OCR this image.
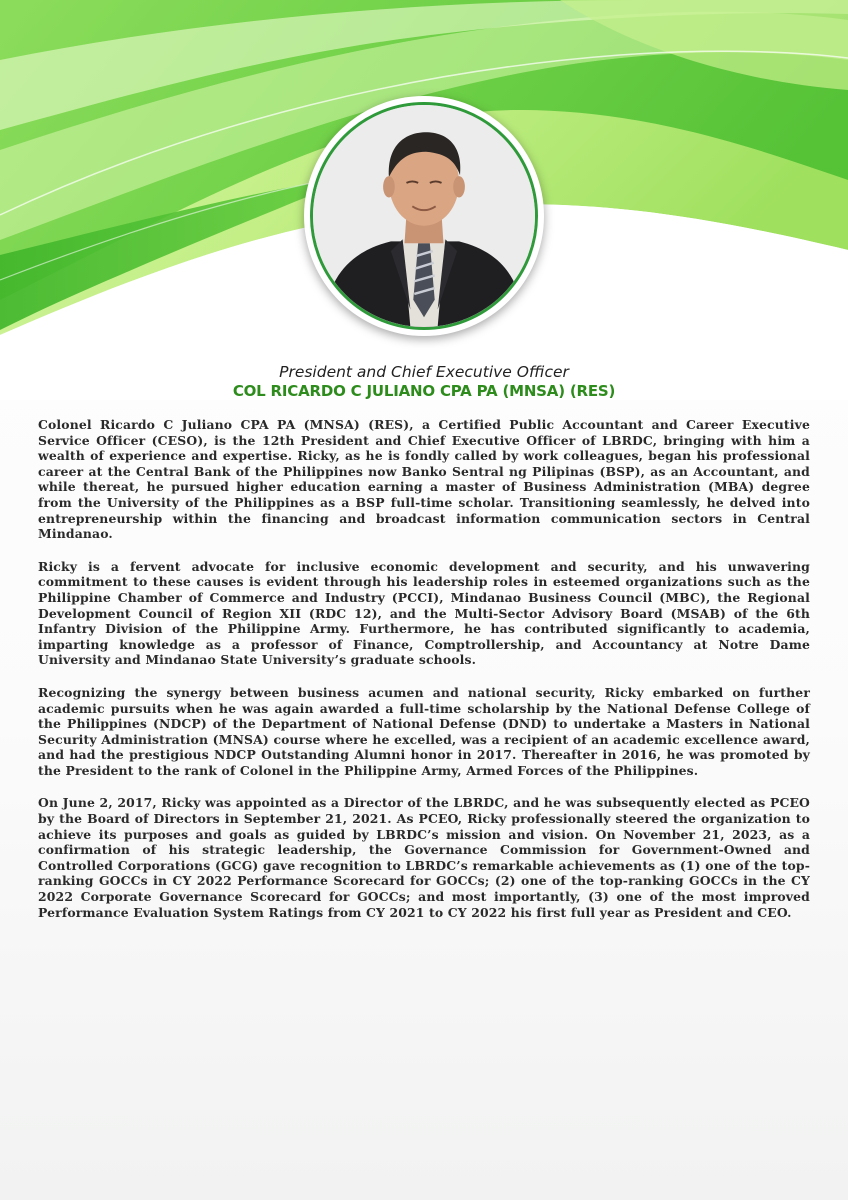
President and Chief Executive Officer
COL RICARDO C JULIANO CPA PA (MNSA) (RES)

Colonel Ricardo C Juliano CPA PA (MNSA) (RES), a Certified Public Accountant and Career Executive Service Officer (CESO), is the 12th President and Chief Executive Officer of LBRDC, bringing with him a wealth of experience and expertise. Ricky, as he is fondly called by work colleagues, began his professional career at the Central Bank of the Philippines now Banko Sentral ng Pilipinas (BSP), as an Accountant, and while thereat, he pursued higher education earning a master of Business Administration (MBA) degree from the University of the Philippines as a BSP full-time scholar. Transitioning seamlessly, he delved into entrepreneurship within the financing and broadcast information communication sectors in Central Mindanao.

Ricky is a fervent advocate for inclusive economic development and security, and his unwavering commitment to these causes is evident through his leadership roles in esteemed organizations such as the Philippine Chamber of Commerce and Industry (PCCI), Mindanao Business Council (MBC), the Regional Development Council of Region XII (RDC 12), and the Multi-Sector Advisory Board (MSAB) of the 6th Infantry Division of the Philippine Army. Furthermore, he has contributed significantly to academia, imparting knowledge as a professor of Finance, Comptrollership, and Accountancy at Notre Dame University and Mindanao State University’s graduate schools.

Recognizing the synergy between business acumen and national security, Ricky embarked on further academic pursuits when he was again awarded a full-time scholarship by the National Defense College of the Philippines (NDCP) of the Department of National Defense (DND) to undertake a Masters in National Security Administration (MNSA) course where he excelled, was a recipient of an academic excellence award, and had the prestigious NDCP Outstanding Alumni honor in 2017. Thereafter in 2016, he was promoted by the President to the rank of Colonel in the Philippine Army, Armed Forces of the Philippines.

On June 2, 2017, Ricky was appointed as a Director of the LBRDC, and he was subsequently elected as PCEO by the Board of Directors in September 21, 2021. As PCEO, Ricky professionally steered the organization to achieve its purposes and goals as guided by LBRDC’s mission and vision. On November 21, 2023, as a confirmation of his strategic leadership, the Governance Commission for Government-Owned and Controlled Corporations (GCG) gave recognition to LBRDC’s remarkable achievements as (1) one of the top-ranking GOCCs in CY 2022 Performance Scorecard for GOCCs; (2) one of the top-ranking GOCCs in the CY 2022 Corporate Governance Scorecard for GOCCs; and most importantly, (3) one of the most improved Performance Evaluation System Ratings from CY 2021 to CY 2022 his first full year as President and CEO.
